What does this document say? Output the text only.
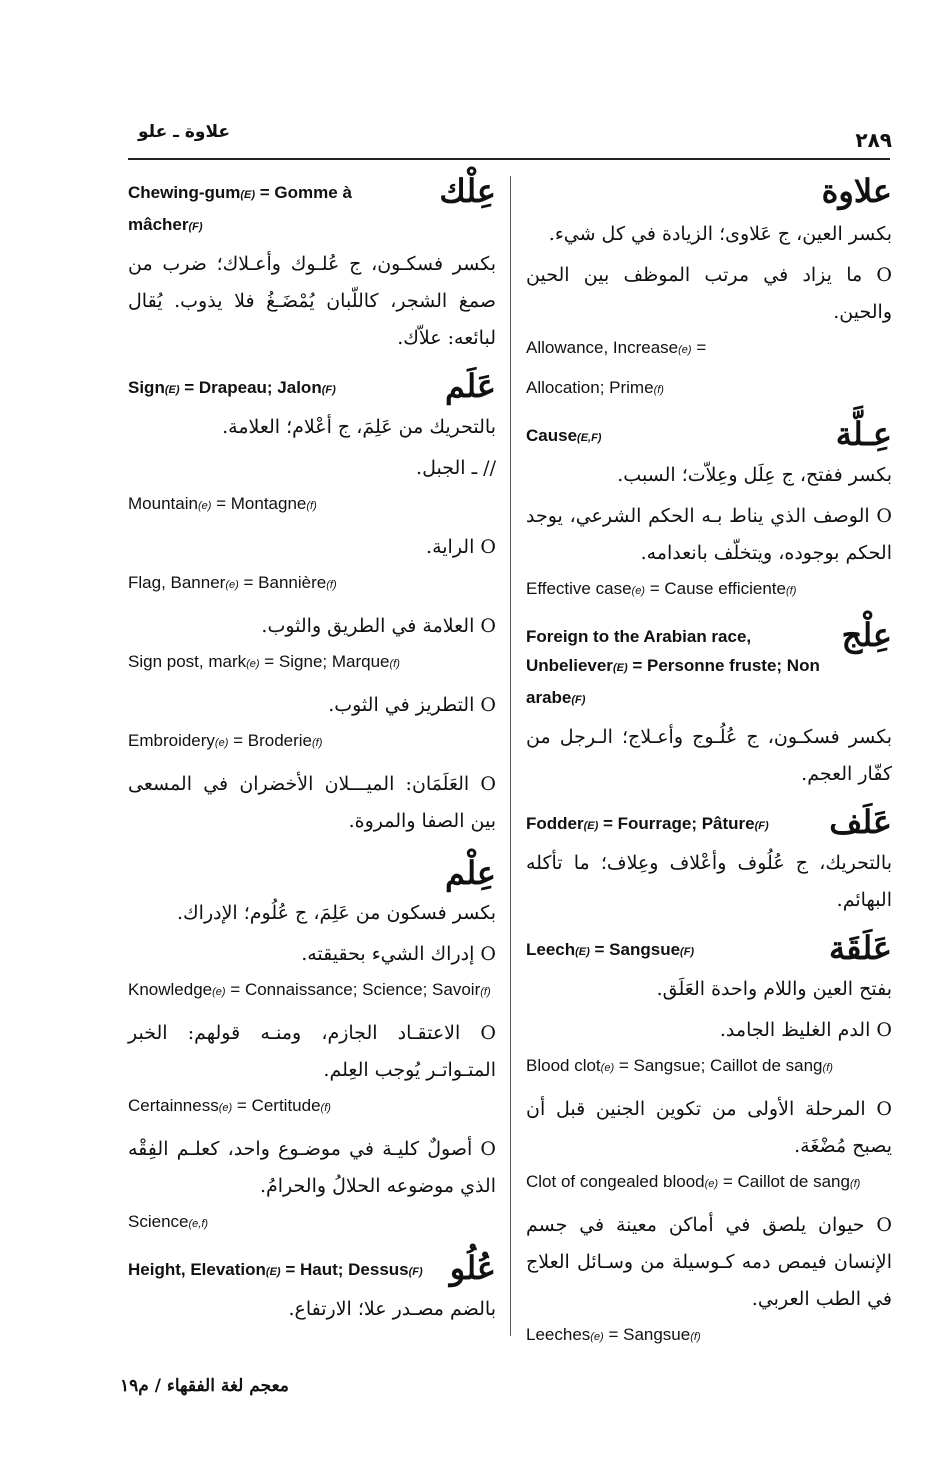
٢٨٩
علاوة ـ علو
علاوة
بكسر العين، ج عَلاوى؛ الزيادة في كل شيء.
O ما يزاد في مرتب الموظف بين الحين والحين.
Allowance, Increase(e) =
Allocation; Prime(f)
عِـلَّة
Cause(E,F)
بكسر ففتح، ج عِلَل وعِلاّت؛ السبب.
O الوصف الذي يناط بـه الحكم الشرعي، يوجد الحكم بوجوده، ويتخلّف بانعدامه.
Effective case(e) = Cause efficiente(f)
عِلْج
Foreign to the Arabian race, Unbeliever(E) = Personne fruste; Non arabe(F)
بكسر فسكـون، ج عُلُـوج وأعـلاج؛ الـرجل من كفّار العجم.
عَلَف
Fodder(E) = Fourrage; Pâture(F)
بالتحريك، ج عُلُوف وأعْلاف وعِلاف؛ ما تأكله البهائم.
عَلَقَة
Leech(E) = Sangsue(F)
بفتح العين واللام واحدة العَلَق.
O الدم الغليظ الجامد.
Blood clot(e) = Sangsue; Caillot de sang(f)
O المرحلة الأولى من تكوين الجنين قبل أن يصبح مُضْغَة.
Clot of congealed blood(e) = Caillot de sang(f)
O حيوان يلصق في أماكن معينة في جسم الإنسان فيمص دمه كـوسيلة من وسـائل العلاج في الطب العربي.
Leeches(e) = Sangsue(f)
عِلْك
Chewing-gum(E) = Gomme à mâcher(F)
بكسر فسكـون، ج عُلـوك وأعـلاك؛ ضرب من صمغ الشجر، كاللّبان يُمْضَـغُ فلا يذوب. يُقال لبائعه: علاّك.
عَلَم
Sign(E) = Drapeau; Jalon(F)
بالتحريك من عَلِمَ، ج أعْلام؛ العلامة.
// ـ الجبل.
Mountain(e) = Montagne(f)
O الراية.
Flag, Banner(e) = Bannière(f)
O العلامة في الطريق والثوب.
Sign post, mark(e) = Signe; Marque(f)
O التطريز في الثوب.
Embroidery(e) = Broderie(f)
O العَلَمَان: الميـــلان الأخضران في المسعى بين الصفا والمروة.
عِلْم
بكسر فسكون من عَلِمَ، ج عُلُوم؛ الإدراك.
O إدراك الشيء بحقيقته.
Knowledge(e) = Connaissance; Science; Savoir(f)
O الاعتقـاد الجازم، ومنـه قولهم: الخبر المتـواتـر يُوجب العِلم.
Certainness(e) = Certitude(f)
O أصولٌ كليـة في موضـوع واحد، كعلـم الفِقْه الذي موضوعه الحلالُ والحرامُ.
Science(e,f)
عُلُو
Height, Elevation(E) = Haut; Dessus(F)
بالضم مصـدر علا؛ الارتفاع.
معجم لغة الفقهاء / م١٩
